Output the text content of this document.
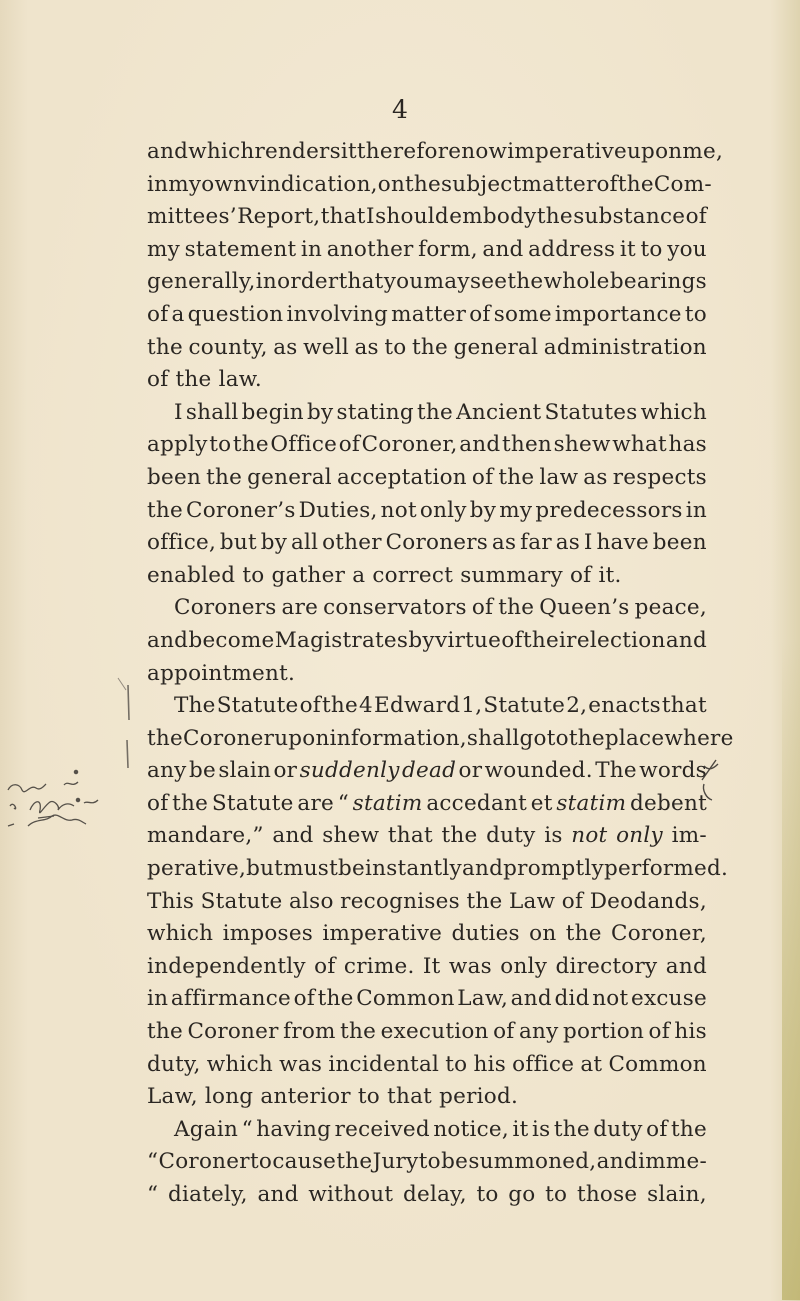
4
and which renders it therefore now imperative upon me,
in my own vindication, on the subject matter of the Com-
mittees’ Report, that I should embody the substance of
my statement in another form, and address it to you
generally, in order that you may see the whole bearings
of a question involving matter of some importance to
the county, as well as to the general administration
of the law.
I shall begin by stating the Ancient Statutes which
apply to the Office of Coroner, and then shew what has
been the general acceptation of the law as respects
the Coroner’s Duties, not only by my predecessors in
office, but by all other Coroners as far as I have been
enabled to gather a correct summary of it.
Coroners are conservators of the Queen’s peace,
and become Magistrates by virtue of their election and
appointment.
The Statute of the 4 Edward 1, Statute 2, enacts that
the Coroner upon information, shall go to the place where
any be slain or suddenly dead or wounded. The words
of the Statute are “ statim accedant et statim debent
mandare,” and shew that the duty is not only im-
perative, but must be instantly and promptly performed.
This Statute also recognises the Law of Deodands,
which imposes imperative duties on the Coroner,
independently of crime. It was only directory and
in affirmance of the Common Law, and did not excuse
the Coroner from the execution of any portion of his
duty, which was incidental to his office at Common
Law, long anterior to that period.
Again “ having received notice, it is the duty of the
“ Coroner to cause the Jury to be summoned, and imme-
“ diately, and without delay, to go to those slain,
